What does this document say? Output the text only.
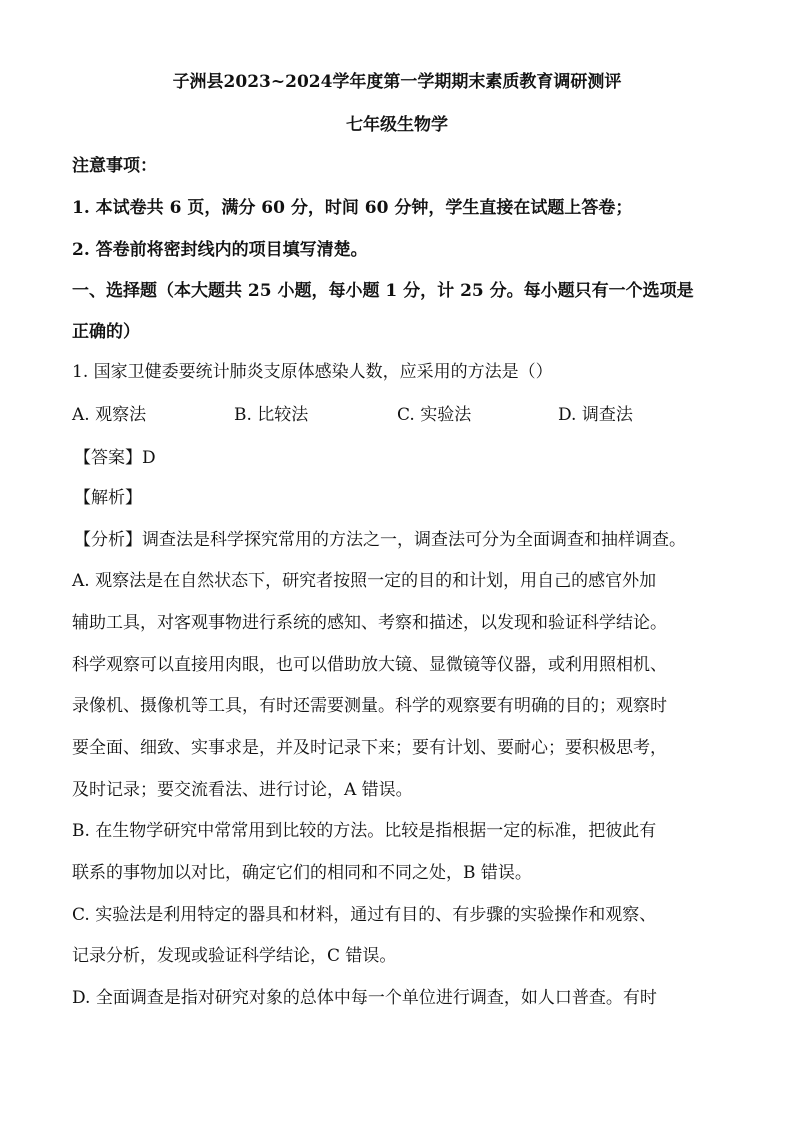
子洲县2023~2024学年度第一学期期末素质教育调研测评
七年级生物学
注意事项：
1. 本试卷共 6 页，满分 60 分，时间 60 分钟，学生直接在试题上答卷；
2. 答卷前将密封线内的项目填写清楚。
一、选择题（本大题共 25 小题，每小题 1 分，计 25 分。每小题只有一个选项是
正确的）
1. 国家卫健委要统计肺炎支原体感染人数，应采用的方法是（）
A. 观察法	B. 比较法	C. 实验法	D. 调查法
【答案】D
【解析】
【分析】调查法是科学探究常用的方法之一，调查法可分为全面调查和抽样调查。
A. 观察法是在自然状态下，研究者按照一定的目的和计划，用自己的感官外加
辅助工具，对客观事物进行系统的感知、考察和描述，以发现和验证科学结论。
科学观察可以直接用肉眼，也可以借助放大镜、显微镜等仪器，或利用照相机、
录像机、摄像机等工具，有时还需要测量。科学的观察要有明确的目的；观察时
要全面、细致、实事求是，并及时记录下来；要有计划、要耐心；要积极思考，
及时记录；要交流看法、进行讨论，A 错误。
B. 在生物学研究中常常用到比较的方法。比较是指根据一定的标准，把彼此有
联系的事物加以对比，确定它们的相同和不同之处，B 错误。
C. 实验法是利用特定的器具和材料，通过有目的、有步骤的实验操作和观察、
记录分析，发现或验证科学结论，C 错误。
D. 全面调查是指对研究对象的总体中每一个单位进行调查，如人口普查。有时
